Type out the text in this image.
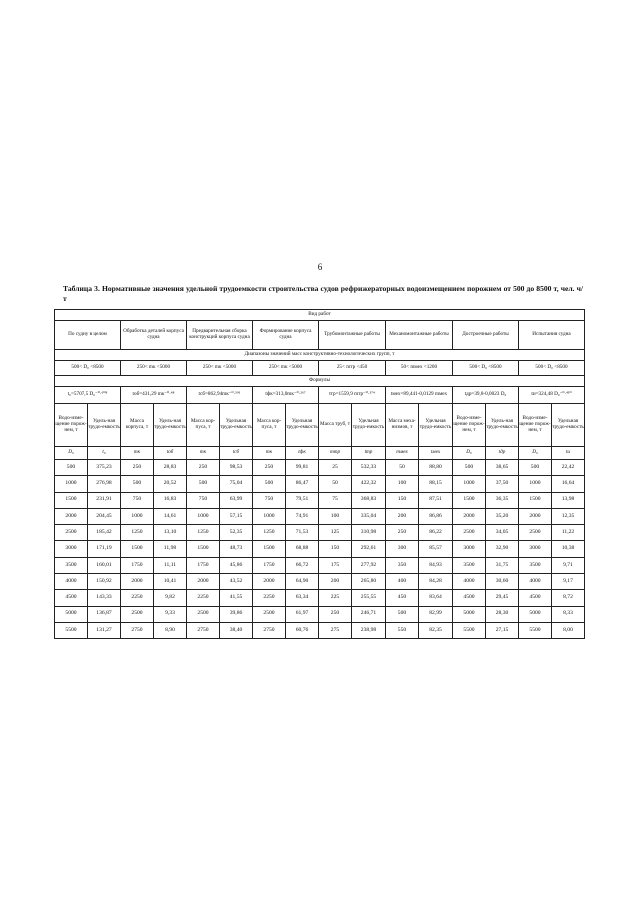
6
Таблица 3. Нормативные значения удельной трудоемкости строительства судов рефрижераторных водоизмещением порожнем от 500 до 8500 т, чел. ч/т
Вид работ															
По судну в целом		Обработка деталей корпуса судна		Предварительная сборка конструкций корпуса судна		Формирование корпуса судна		Трубомонтажные работы		Механомонтажные работы		Достроечные работы		Испытания судна	
Диапазоны значений масс конструктивно-технологических групп, т															
500< D₀ <8500		250< mк <5000		250< mк <5000		250< mк <5000		25< mтр <450		50< mмех <1200		500< D₀ <8500		500< D₀ <8500	
Формулы															
t₀=5707,5 D₀⁻⁰·⁶⁰⁸		tоб=431,29 mк⁻⁰·⁴⁸		tсб=862,94mк⁻⁰·⁵⁹¹		tфк=313,0mк⁻⁰·²⁶⁷		tтр=1559,9 mтр⁻⁰·³⁷⁴		tмех=89,441-0,0129 mмех		tдр=39,8-0,0023 D₀		tи=324,48 D₀⁻⁰·⁴¹⁰	
Водо-изме-щение порож-нем, т	Удель-ная трудо-емкость	Масса корпуса, т	Удель-ная трудо-емкость	Масса кор-пуса, т	Удельная трудо-емкость	Масса кор-пуса, т	Удельная трудо-емкость	Масса труб, т	Удельная трудо-емкость	Масса меха-низмов, т	Удельная трудо-емкость	Водо-изме-щение порож-нем, т	Удель-ная трудо-емкость	Водо-изме-щение порож-нем, т	Удельная трудо-емкость
D₀	t₀	mк	tоб	mк	tсб	mк	tфк	mтр	tтр	mмех	tмех	D₀	tдр	D₀	tи
500	375,23	250	28,83	250	98,53	250	99,81	25	532,33	50	88,80	500	38,65	500	22,42
1000	276,98	500	20,52	500	75,04	500	86,47	50	422,32	100	88,15	1000	37,50	1000	16,64
1500	231,91	750	16,83	750	63,99	750	79,51	75	368,83	150	87,51	1500	36,35	1500	13,98
2000	204,45	1000	14,61	1000	57,15	1000	74,91	100	335,04	200	86,86	2000	35,20	2000	12,35
2500	185,42	1250	13,10	1250	52,35	1250	71,53	125	310,98	250	86,22	2500	34,05	2500	11,22
3000	171,19	1500	11,98	1500	48,73	1500	68,88	150	292,61	300	85,57	3000	32,90	3000	10,38
3500	160,01	1750	11,11	1750	45,86	1750	66,72	175	277,92	350	84,93	3500	31,75	3500	9,71
4000	150,92	2000	10,41	2000	43,52	2000	64,90	200	265,80	400	84,28	4000	30,60	4000	9,17
4500	143,33	2250	9,82	2250	41,55	2250	63,34	225	255,55	450	83,64	4500	29,45	4500	8,72
5000	136,87	2500	9,33	2500	39,86	2500	61,97	250	246,71	500	82,99	5000	28,30	5000	8,33
5500	131,27	2750	8,90	2750	38,40	2750	60,76	275	238,98	550	82,35	5500	27,15	5500	8,00
